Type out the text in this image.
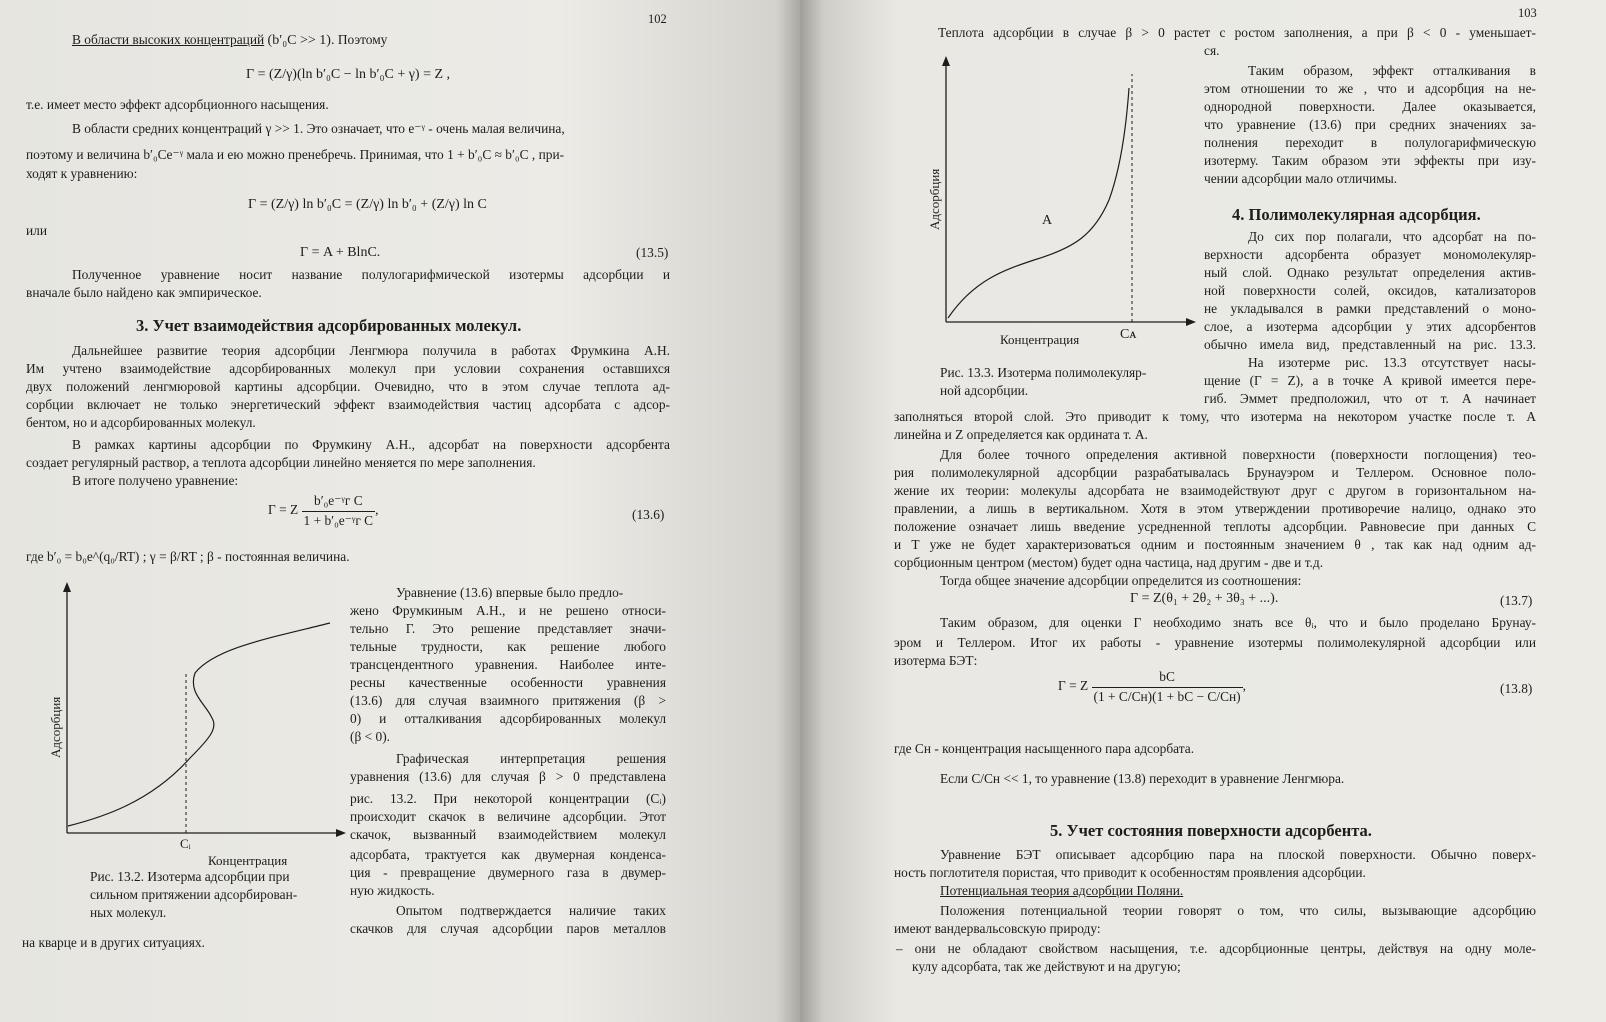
102
В области высоких концентраций (b′₀C >> 1). Поэтому
Γ = (Z/γ)(ln b′₀C − ln b′₀C + γ) = Z ,
т.е. имеет место эффект адсорбционного насыщения.
В области средних концентраций γ >> 1. Это означает, что e⁻ᵞ - очень малая величина,
поэтому и величина b′₀Ce⁻ᵞ мала и ею можно пренебречь. Принимая, что 1 + b′₀C ≈ b′₀C , при-
ходят к уравнению:
Γ = (Z/γ) ln b′₀C = (Z/γ) ln b′₀ + (Z/γ) ln C
или
Γ = A + BlnC.	(13.5)
Полученное уравнение носит название полулогарифмической изотермы адсорбции и
вначале было найдено как эмпирическое.
3. Учет взаимодействия адсорбированных молекул.
Дальнейшее развитие теория адсорбции Ленгмюра получила в работах Фрумкина А.Н.
Им учтено взаимодействие адсорбированных молекул при условии сохранения оставшихся
двух положений ленгмюровой картины адсорбции. Очевидно, что в этом случае теплота ад-
сорбции включает не только энергетический эффект взаимодействия частиц адсорбата с адсор-
бентом, но и адсорбированных молекул.
В рамках картины адсорбции по Фрумкину А.Н., адсорбат на поверхности адсорбента
создает регулярный раствор, а теплота адсорбции линейно меняется по мере заполнения.
В итоге получено уравнение:
Γ = Z $\frac{\text{b′₀e⁻ᵞᴦ C}}{\text{1 + b′₀e⁻ᵞᴦ C}}$ ,	(13.6)
где b′₀ = b₀e^(q₀/RT) ; γ = β/RT ; β - постоянная величина.
Cᵢ
Концентрация
Адсорбция
Рис. 13.2. Изотерма адсорбции при
сильном притяжении адсорбирован-
ных молекул.
Уравнение (13.6) впервые было предло-
жено Фрумкиным А.Н., и не решено относи-
тельно Г. Это решение представляет значи-
тельные трудности, как решение любого
трансцендентного уравнения. Наиболее инте-
ресны качественные особенности уравнения
(13.6) для случая взаимного притяжения (β >
0) и отталкивания адсорбированных молекул
(β < 0).
Графическая интерпретация решения
уравнения (13.6) для случая β > 0 представлена
рис. 13.2. При некоторой концентрации (Cᵢ)
происходит скачок в величине адсорбции. Этот
скачок, вызванный взаимодействием молекул
адсорбата, трактуется как двумерная конденса-
ция - превращение двумерного газа в двумер-
ную жидкость.
Опытом подтверждается наличие таких
скачков для случая адсорбции паров металлов
на кварце и в других ситуациях.
103
Теплота адсорбции в случае β > 0 растет с ростом заполнения, а при β < 0 - уменьшает-
ся.
A
Cᴀ
Концентрация
Адсорбция
Рис. 13.3. Изотерма полимолекуляр-
ной адсорбции.
Таким образом, эффект отталкивания в
этом отношении то же , что и адсорбция на не-
однородной поверхности. Далее оказывается,
что уравнение (13.6) при средних значениях за-
полнения переходит в полулогарифмическую
изотерму. Таким образом эти эффекты при изу-
чении адсорбции мало отличимы.
4. Полимолекулярная адсорбция.
До сих пор полагали, что адсорбат на по-
верхности адсорбента образует мономолекуляр-
ный слой. Однако результат определения актив-
ной поверхности солей, оксидов, катализаторов
не укладывался в рамки представлений о моно-
слое, а изотерма адсорбции у этих адсорбентов
обычно имела вид, представленный на рис. 13.3.
На изотерме рис. 13.3 отсутствует насы-
щение (Г = Z), а в точке А кривой имеется пере-
гиб. Эммет предположил, что от т. А начинает
заполняться второй слой. Это приводит к тому, что изотерма на некотором участке после т. А
линейна и Z определяется как ордината т. А.
Для более точного определения активной поверхности (поверхности поглощения) тео-
рия полимолекулярной адсорбции разрабатывалась Брунауэром и Теллером. Основное поло-
жение их теории: молекулы адсорбата не взаимодействуют друг с другом в горизонтальном на-
правлении, а лишь в вертикальном. Хотя в этом утверждении противоречие налицо, однако это
положение означает лишь введение усредненной теплоты адсорбции. Равновесие при данных C
и T уже не будет характеризоваться одним и постоянным значением θ , так как над одним ад-
сорбционным центром (местом) будет одна частица, над другим - две и т.д.
Тогда общее значение адсорбции определится из соотношения:
Γ = Z(θ₁ + 2θ₂ + 3θ₃ + ...).	(13.7)
Таким образом, для оценки Г необходимо знать все θᵢ, что и было проделано Брунау-
эром и Теллером. Итог их работы - уравнение изотермы полимолекулярной адсорбции или
изотерма БЭТ:
Γ = Z $\frac{bC}{(1 + C/Cн)(1 + bC - C/Cн)}$ ,	(13.8)
где Cн - концентрация насыщенного пара адсорбата.
Если C/Cн << 1, то уравнение (13.8) переходит в уравнение Ленгмюра.
5. Учет состояния поверхности адсорбента.
Уравнение БЭТ описывает адсорбцию пара на плоской поверхности. Обычно поверх-
ность поглотителя пористая, что приводит к особенностям проявления адсорбции.
Потенциальная теория адсорбции Поляни.
Положения потенциальной теории говорят о том, что силы, вызывающие адсорбцию
имеют вандервальсовскую природу:
– они не обладают свойством насыщения, т.е. адсорбционные центры, действуя на одну моле-
кулу адсорбата, так же действуют и на другую;
